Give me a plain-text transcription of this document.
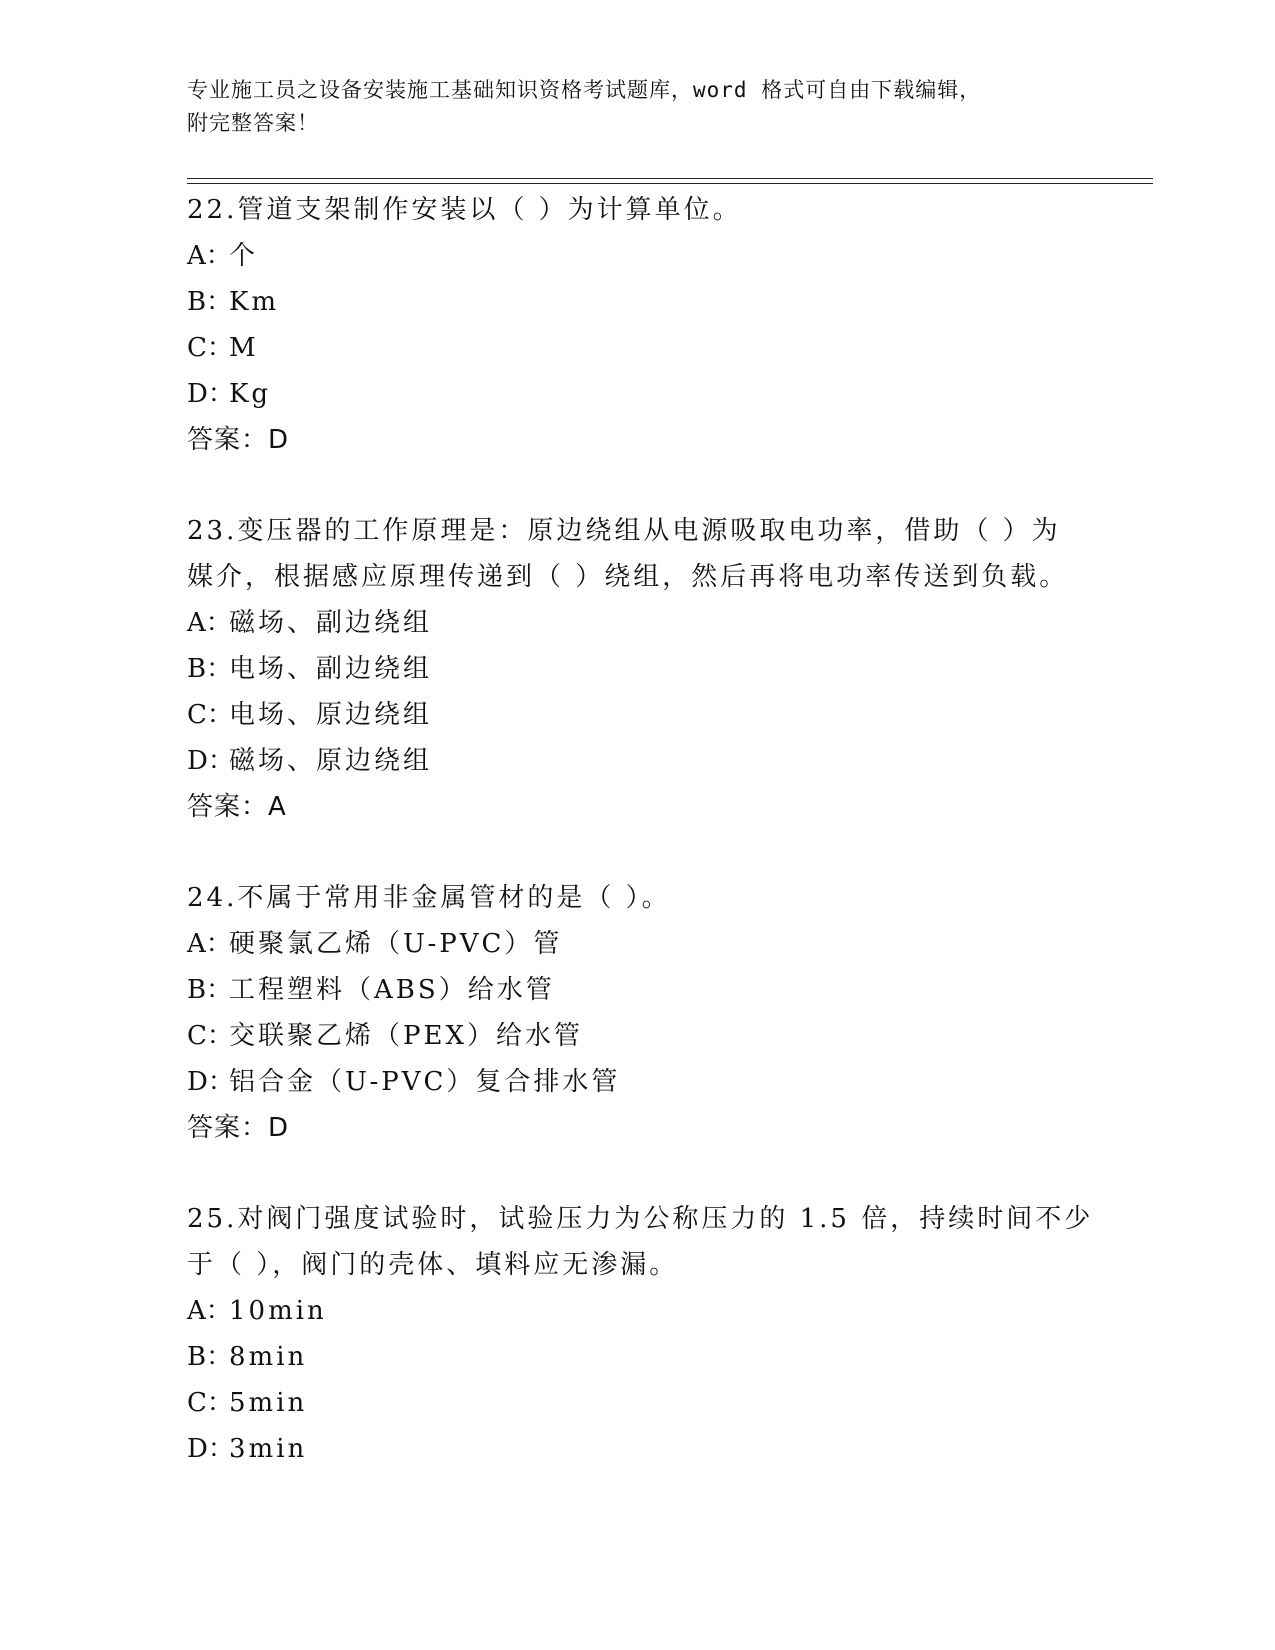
专业施工员之设备安装施工基础知识资格考试题库，word 格式可自由下载编辑，
附完整答案！
22.管道支架制作安装以（ ）为计算单位。
A：个
B：Km
C：M
D：Kg
答案：D
23.变压器的工作原理是：原边绕组从电源吸取电功率，借助（ ）为
媒介，根据感应原理传递到（ ）绕组，然后再将电功率传送到负载。
A：磁场、副边绕组
B：电场、副边绕组
C：电场、原边绕组
D：磁场、原边绕组
答案：A
24.不属于常用非金属管材的是（ ）。
A：硬聚氯乙烯（U-PVC）管
B：工程塑料（ABS）给水管
C：交联聚乙烯（PEX）给水管
D：铝合金（U-PVC）复合排水管
答案：D
25.对阀门强度试验时，试验压力为公称压力的 1.5 倍，持续时间不少
于（ ），阀门的壳体、填料应无渗漏。
A：10min
B：8min
C：5min
D：3min
